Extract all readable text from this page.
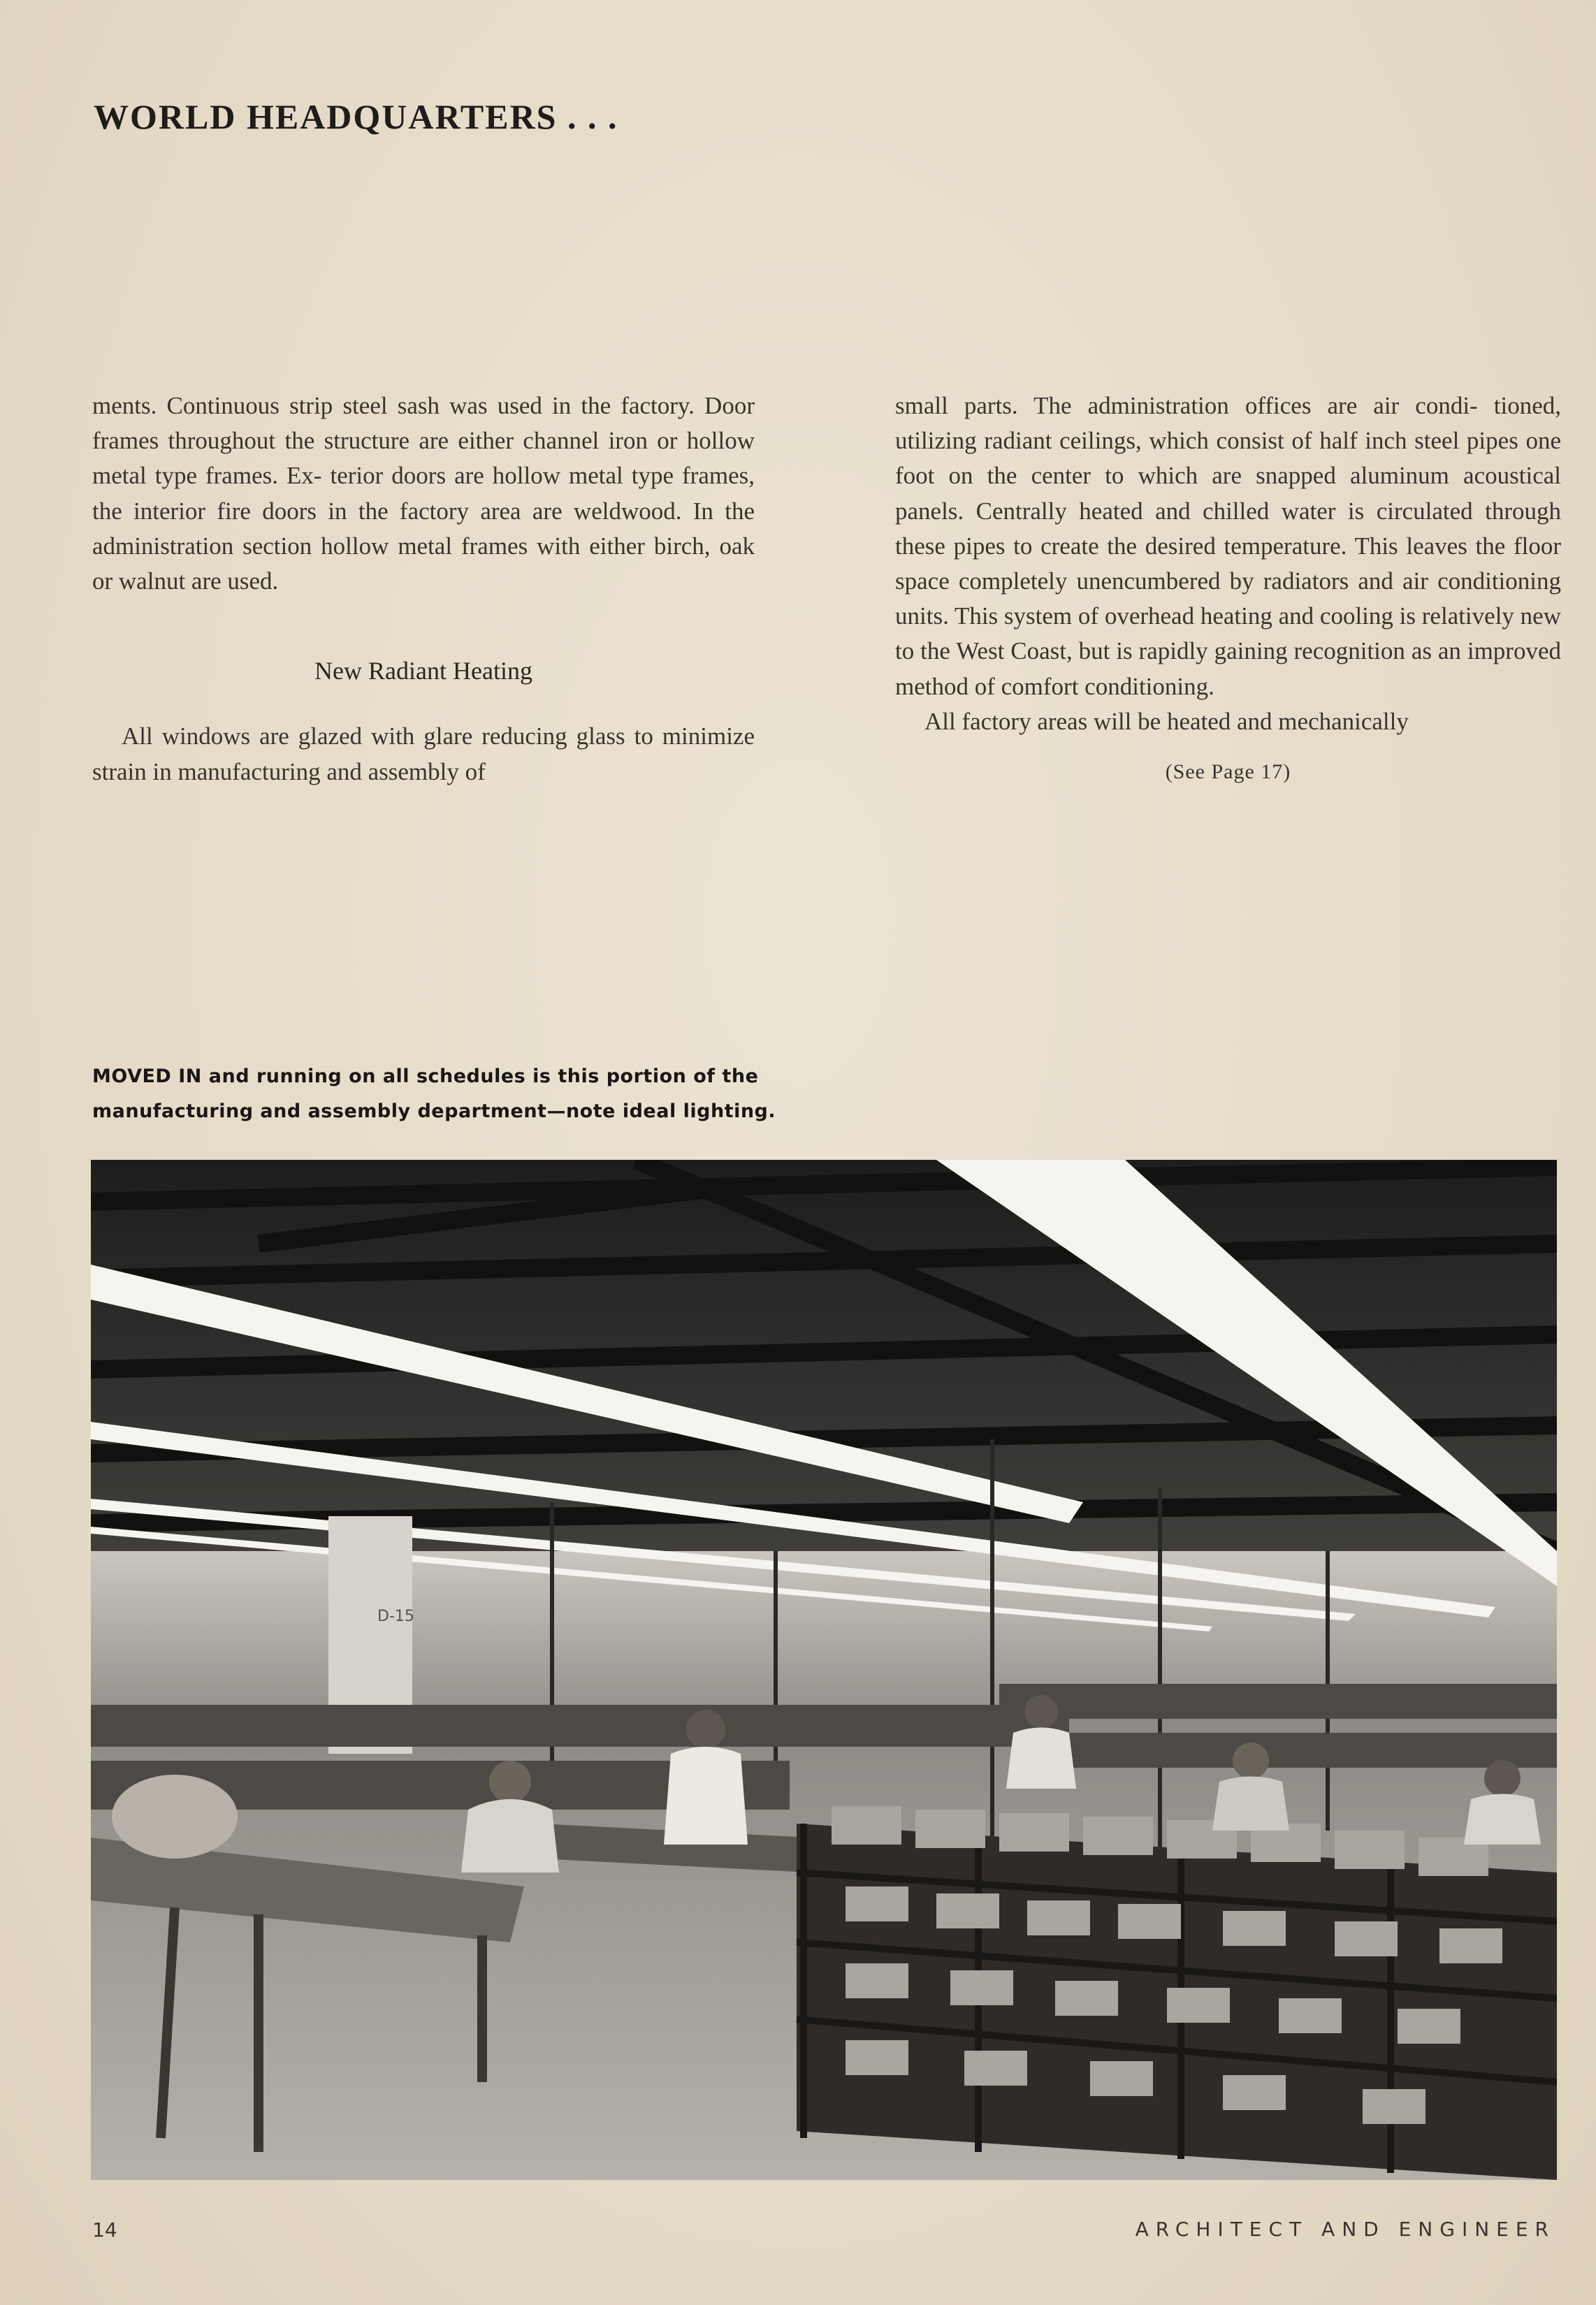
WORLD HEADQUARTERS . . .

ments. Continuous strip steel sash was used in the factory. Door frames throughout the structure are either channel iron or hollow metal type frames. Ex- terior doors are hollow metal type frames, the interior fire doors in the factory area are weldwood. In the administration section hollow metal frames with either birch, oak or walnut are used.

New Radiant Heating

All windows are glazed with glare reducing glass to minimize strain in manufacturing and assembly of

small parts. The administration offices are air condi- tioned, utilizing radiant ceilings, which consist of half inch steel pipes one foot on the center to which are snapped aluminum acoustical panels. Centrally heated and chilled water is circulated through these pipes to create the desired temperature. This leaves the floor space completely unencumbered by radiators and air conditioning units. This system of overhead heating and cooling is relatively new to the West Coast, but is rapidly gaining recognition as an improved method of comfort conditioning.

All factory areas will be heated and mechanically

(See Page 17)
MOVED IN and running on all schedules is this portion of the manufacturing and assembly department—note ideal lighting.
D-15
14	ARCHITECT AND ENGINEER
